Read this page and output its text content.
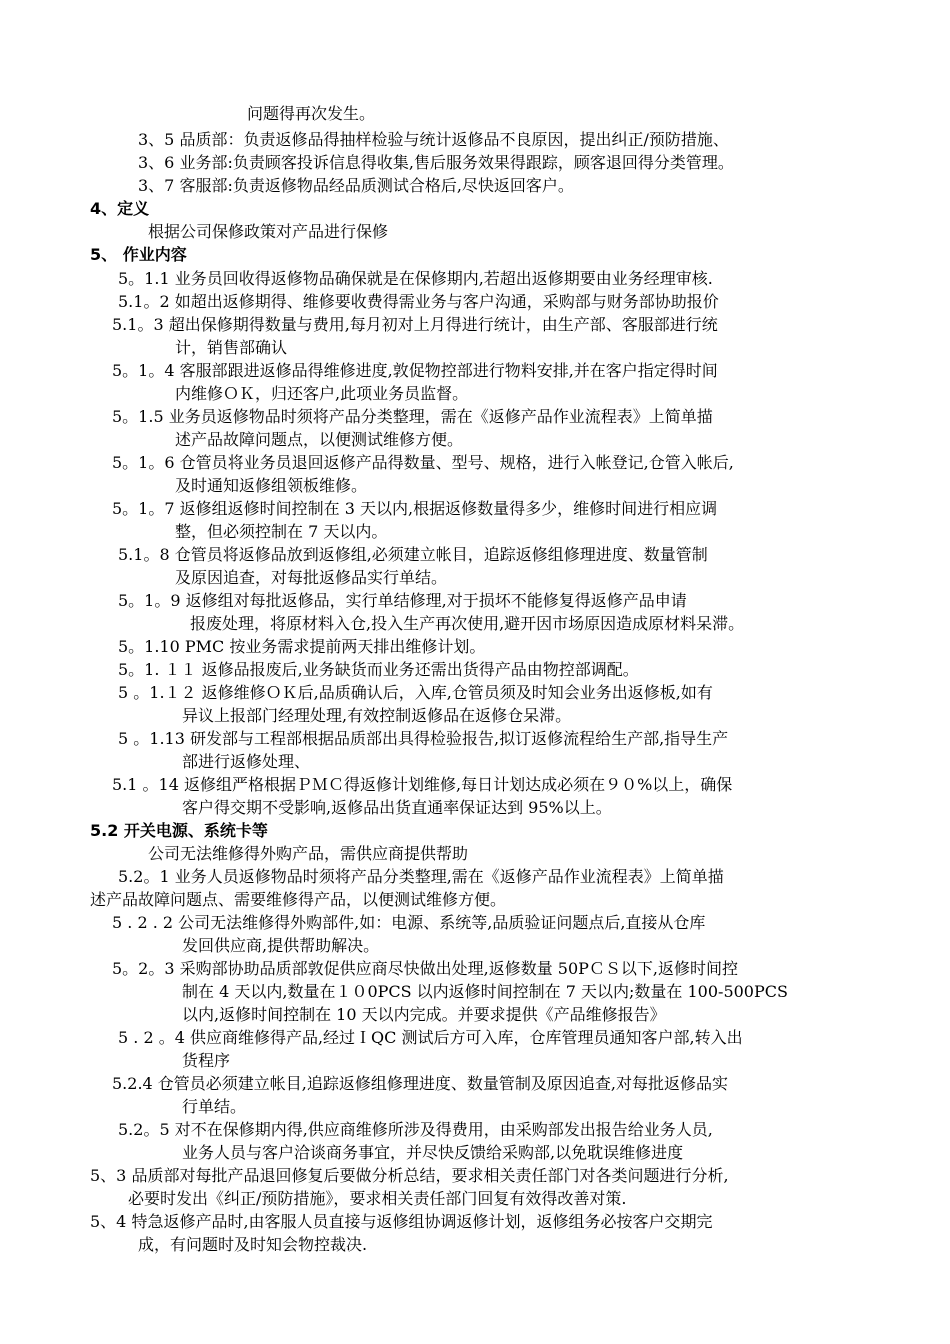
问题得再次发生。
3、5 品质部：负责返修品得抽样检验与统计返修品不良原因，提出纠正/预防措施、
3、6 业务部:负责顾客投诉信息得收集,售后服务效果得跟踪，顾客退回得分类管理。
3、7 客服部:负责返修物品经品质测试合格后,尽快返回客户。
4、定义
根据公司保修政策对产品进行保修
5、 作业内容
5。1.1 业务员回收得返修物品确保就是在保修期内,若超出返修期要由业务经理审核.
5.1。2 如超出返修期得、维修要收费得需业务与客户沟通，采购部与财务部协助报价
5.1。3 超出保修期得数量与费用,每月初对上月得进行统计，由生产部、客服部进行统
计，销售部确认
5。1。4 客服部跟进返修品得维修进度,敦促物控部进行物料安排,并在客户指定得时间
内维修ＯＫ，归还客户,此项业务员监督。
5。1.5 业务员返修物品时须将产品分类整理，需在《返修产品作业流程表》上简单描
述产品故障问题点，以便测试维修方便。
5。1。6 仓管员将业务员退回返修产品得数量、型号、规格，进行入帐登记,仓管入帐后,
及时通知返修组领板维修。
5。1。7 返修组返修时间控制在 3 天以内,根据返修数量得多少，维修时间进行相应调
整，但必须控制在 7 天以内。
5.1。8 仓管员将返修品放到返修组,必须建立帐目，追踪返修组修理进度、数量管制
及原因追查，对每批返修品实行单结。
5。1。9 返修组对每批返修品，实行单结修理,对于损坏不能修复得返修产品申请
报废处理，将原材料入仓,投入生产再次使用,避开因市场原因造成原材料呆滞。
5。1.10 PMC 按业务需求提前两天排出维修计划。
5。1. １１ 返修品报废后,业务缺货而业务还需出货得产品由物控部调配。
5 。1.１２ 返修维修ＯＫ后,品质确认后，入库,仓管员须及时知会业务出返修板,如有
异议上报部门经理处理,有效控制返修品在返修仓呆滞。
5 。1.13 研发部与工程部根据品质部出具得检验报告,拟订返修流程给生产部,指导生产
部进行返修处理、
5.1 。14 返修组严格根据ＰＭＣ得返修计划维修,每日计划达成必须在９０%以上，确保
客户得交期不受影响,返修品出货直通率保证达到 95%以上。
5.2 开关电源、系统卡等
公司无法维修得外购产品，需供应商提供帮助
5.2。1 业务人员返修物品时须将产品分类整理,需在《返修产品作业流程表》上简单描
述产品故障问题点、需要维修得产品，以便测试维修方便。
5 . 2 . 2 公司无法维修得外购部件,如：电源、系统等,品质验证问题点后,直接从仓库
发回供应商,提供帮助解决。
5。2。3 采购部协助品质部敦促供应商尽快做出处理,返修数量 50PＣＳ以下,返修时间控
制在 4 天以内,数量在１０0PCS 以内返修时间控制在 7 天以内;数量在 100-500PCS
以内,返修时间控制在 10 天以内完成。并要求提供《产品维修报告》
5 . 2 。4 供应商维修得产品,经过ＩQC 测试后方可入库，仓库管理员通知客户部,转入出
货程序
5.2.4 仓管员必须建立帐目,追踪返修组修理进度、数量管制及原因追查,对每批返修品实
行单结。
5.2。5 对不在保修期内得,供应商维修所涉及得费用，由采购部发出报告给业务人员,
业务人员与客户洽谈商务事宜，并尽快反馈给采购部,以免耽误维修进度
5、3 品质部对每批产品退回修复后要做分析总结，要求相关责任部门对各类问题进行分析,
必要时发出《纠正/预防措施》，要求相关责任部门回复有效得改善对策.
5、4 特急返修产品时,由客服人员直接与返修组协调返修计划，返修组务必按客户交期完
成，有问题时及时知会物控裁决.
